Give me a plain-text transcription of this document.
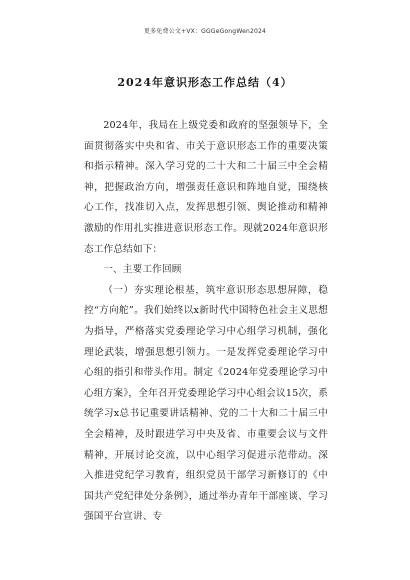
更多免费公文+VX：GGGeGongWen2024
2024年意识形态工作总结（4）

2024年，我局在上级党委和政府的坚强领导下，全面贯彻落实中央和省、市关于意识形态工作的重要决策和指示精神。深入学习党的二十大和二十届三中全会精神，把握政治方向，增强责任意识和阵地自觉，围绕核心工作，找准切入点，发挥思想引领、舆论推动和精神激励的作用扎实推进意识形态工作。现就2024年意识形态工作总结如下：

一、主要工作回顾

（一）夯实理论根基，筑牢意识形态思想屏障，稳控“方向舵”。我们始终以x新时代中国特色社会主义思想为指导，严格落实党委理论学习中心组学习机制，强化理论武装，增强思想引领力。一是发挥党委理论学习中心组的指引和带头作用。制定《2024年党委理论学习中心组方案》，全年召开党委理论学习中心组会议15次，系统学习x总书记重要讲话精神、党的二十大和二十届三中全会精神，及时跟进学习中央及省、市重要会议与文件精神，开展讨论交流，以中心组学习促进示范带动。深入推进党纪学习教育，组织党员干部学习新修订的《中国共产党纪律处分条例》，通过举办青年干部座谈、学习强国平台宣讲、专
